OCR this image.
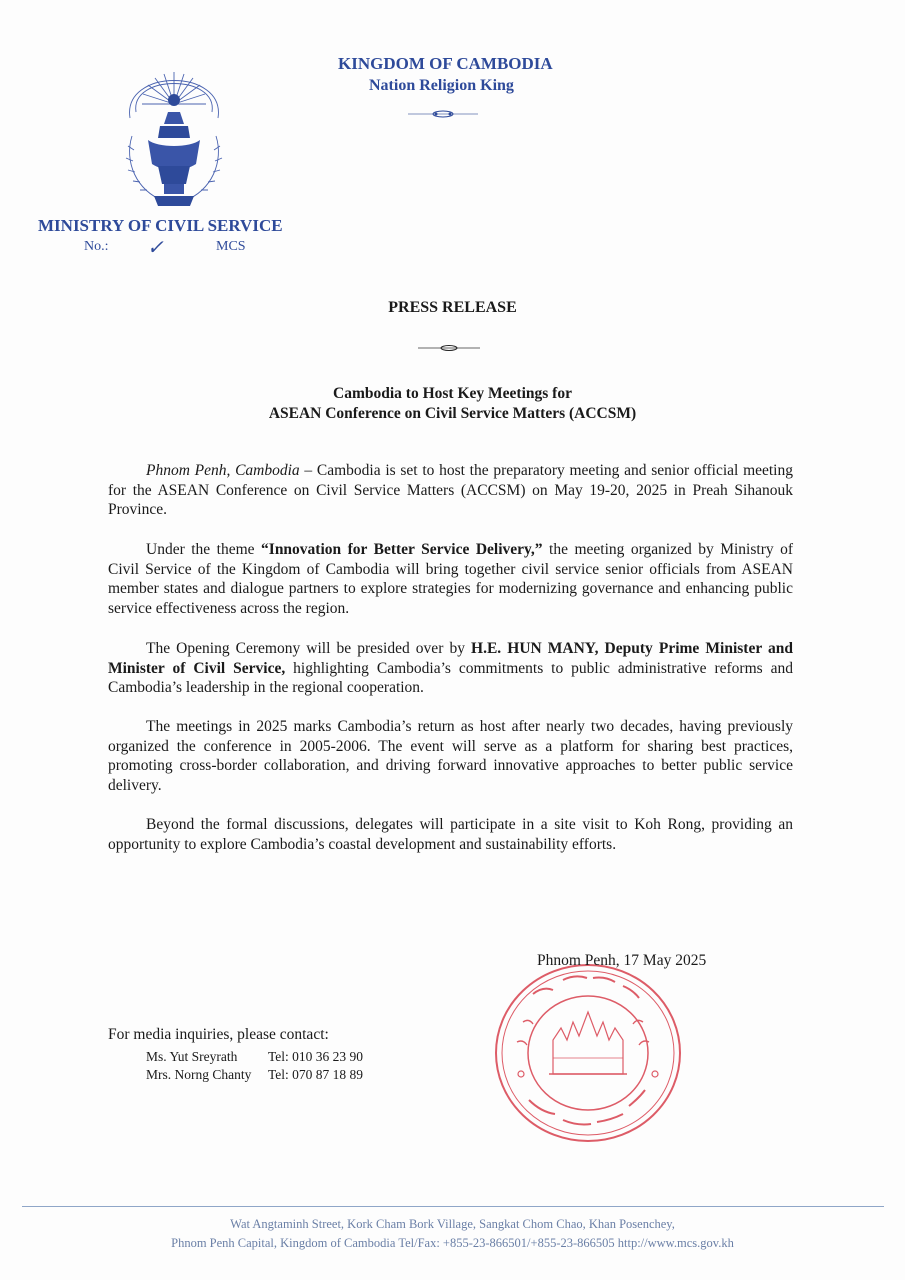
KINGDOM OF CAMBODIA
Nation Religion King
MINISTRY OF CIVIL SERVICE
No.: ✓	MCS
PRESS RELEASE
Cambodia to Host Key Meetings for
ASEAN Conference on Civil Service Matters (ACCSM)

Phnom Penh, Cambodia – Cambodia is set to host the preparatory meeting and senior official meeting for the ASEAN Conference on Civil Service Matters (ACCSM) on May 19-20, 2025 in Preah Sihanouk Province.

Under the theme “Innovation for Better Service Delivery,” the meeting organized by Ministry of Civil Service of the Kingdom of Cambodia will bring together civil service senior officials from ASEAN member states and dialogue partners to explore strategies for modernizing governance and enhancing public service effectiveness across the region.

The Opening Ceremony will be presided over by H.E. HUN MANY, Deputy Prime Minister and Minister of Civil Service, highlighting Cambodia’s commitments to public administrative reforms and Cambodia’s leadership in the regional cooperation.

The meetings in 2025 marks Cambodia’s return as host after nearly two decades, having previously organized the conference in 2005-2006. The event will serve as a platform for sharing best practices, promoting cross-border collaboration, and driving forward innovative approaches to better public service delivery.

Beyond the formal discussions, delegates will participate in a site visit to Koh Rong, providing an opportunity to explore Cambodia’s coastal development and sustainability efforts.

Phnom Penh, 17 May 2025
For media inquiries, please contact:
Ms. Yut Sreyrath Tel: 010 36 23 90
Mrs. Norng Chanty Tel: 070 87 18 89
Wat Angtaminh Street, Kork Cham Bork Village, Sangkat Chom Chao, Khan Posenchey,
Phnom Penh Capital, Kingdom of Cambodia Tel/Fax: +855-23-866501/+855-23-866505 http://www.mcs.gov.kh
